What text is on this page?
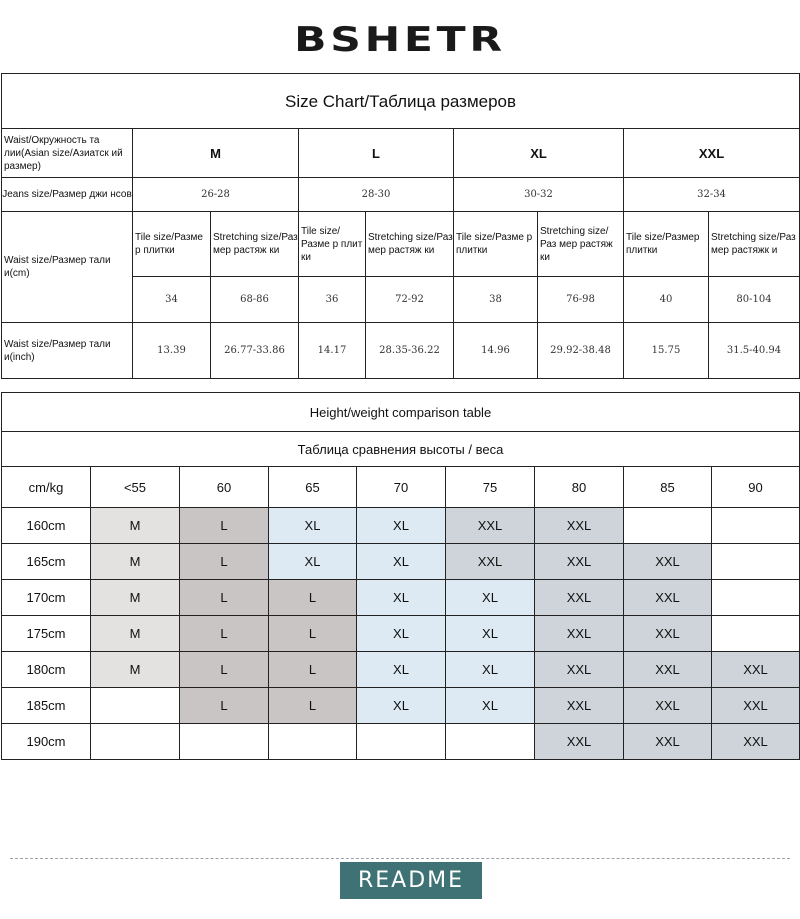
BSHETR
Size Chart/Таблица размеров								
Waist/Окружность та лии(Asian size/Азиатск ий размер)	M		L		XL		XXL	
Jeans size/Размер джи нсов	26-28		28-30		30-32		32-34	
Waist size/Размер тали и(cm)	Tile size/Разме р плитки	Stretching size/Раз мер растяж ки	Tile size/Разме р плит ки	Stretching size/Раз мер растяж ки	Tile size/Разме р плитки	Stretching size/Раз мер растяж ки	Tile size/Размер плитки	Stretching size/Раз мер растяжк и
	34	68-86	36	72-92	38	76-98	40	80-104
Waist size/Размер тали и(inch)	13.39	26.77-33.86	14.17	28.35-36.22	14.96	29.92-38.48	15.75	31.5-40.94
Height/weight comparison table								
Таблица сравнения высоты / веса								
cm/kg	<55	60	65	70	75	80	85	90
160cm	M	L	XL	XL	XXL	XXL		
165cm	M	L	XL	XL	XXL	XXL	XXL	
170cm	M	L	L	XL	XL	XXL	XXL	
175cm	M	L	L	XL	XL	XXL	XXL	
180cm	M	L	L	XL	XL	XXL	XXL	XXL
185cm		L	L	XL	XL	XXL	XXL	XXL
190cm						XXL	XXL	XXL
README
